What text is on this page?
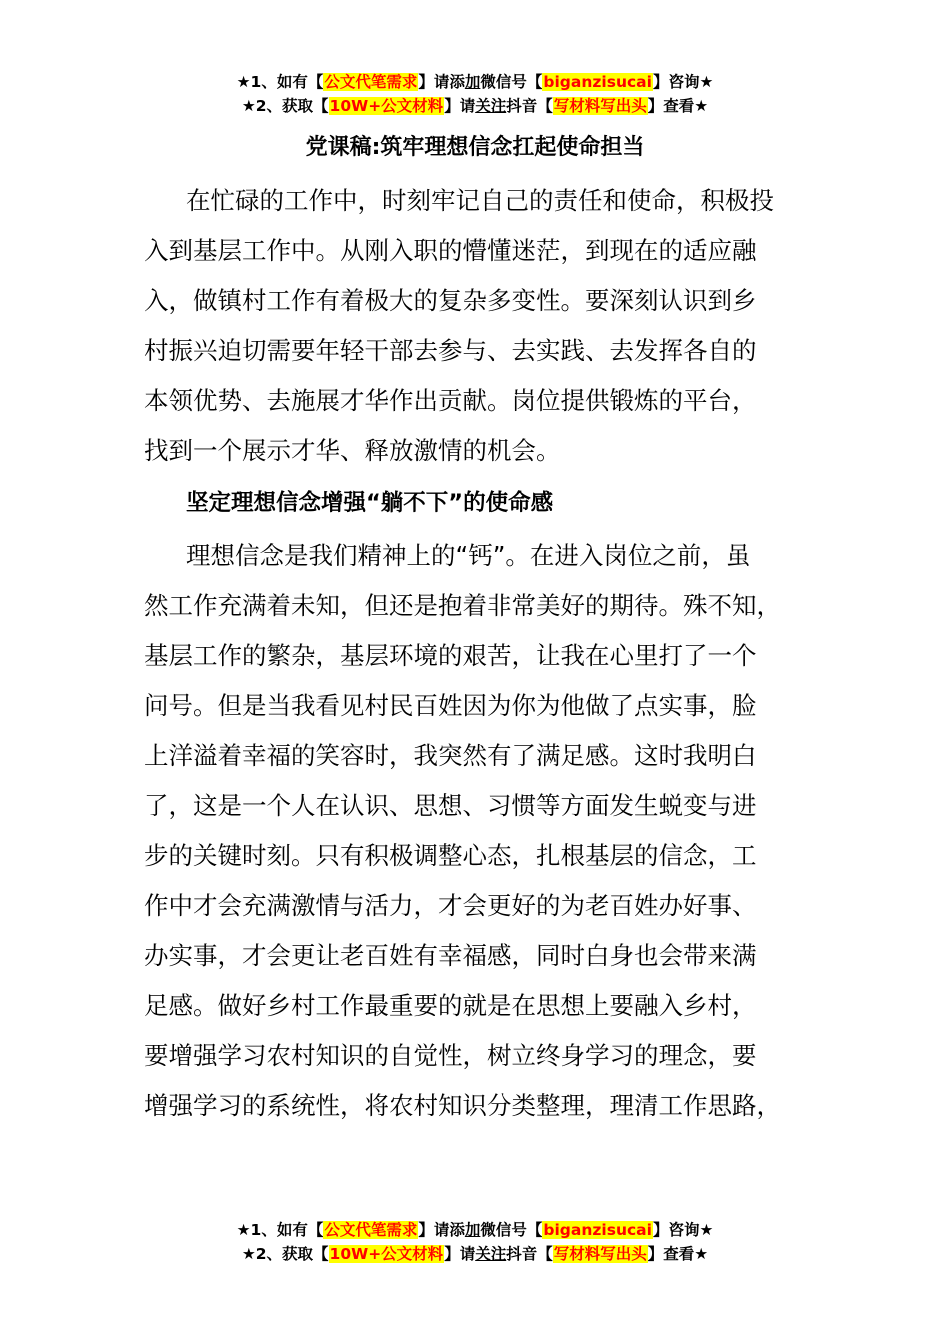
★1、如有【公文代笔需求】请添加微信号【biganzisucai】咨询★
★2、获取【10W+公文材料】请关注抖音【写材料写出头】查看★
党课稿:筑牢理想信念扛起使命担当
在忙碌的工作中，时刻牢记自己的责任和使命，积极投
入到基层工作中。从刚入职的懵懂迷茫，到现在的适应融
入，做镇村工作有着极大的复杂多变性。要深刻认识到乡
村振兴迫切需要年轻干部去参与、去实践、去发挥各自的
本领优势、去施展才华作出贡献。岗位提供锻炼的平台，
找到一个展示才华、释放激情的机会。
坚定理想信念增强“躺不下”的使命感
理想信念是我们精神上的“钙”。在进入岗位之前，虽
然工作充满着未知，但还是抱着非常美好的期待。殊不知，
基层工作的繁杂，基层环境的艰苦，让我在心里打了一个
问号。但是当我看见村民百姓因为你为他做了点实事，脸
上洋溢着幸福的笑容时，我突然有了满足感。这时我明白
了，这是一个人在认识、思想、习惯等方面发生蜕变与进
步的关键时刻。只有积极调整心态，扎根基层的信念，工
作中才会充满激情与活力，才会更好的为老百姓办好事、
办实事，才会更让老百姓有幸福感，同时白身也会带来满
足感。做好乡村工作最重要的就是在思想上要融入乡村，
要增强学习农村知识的自觉性，树立终身学习的理念，要
增强学习的系统性，将农村知识分类整理，理清工作思路，
★1、如有【公文代笔需求】请添加微信号【biganzisucai】咨询★
★2、获取【10W+公文材料】请关注抖音【写材料写出头】查看★
